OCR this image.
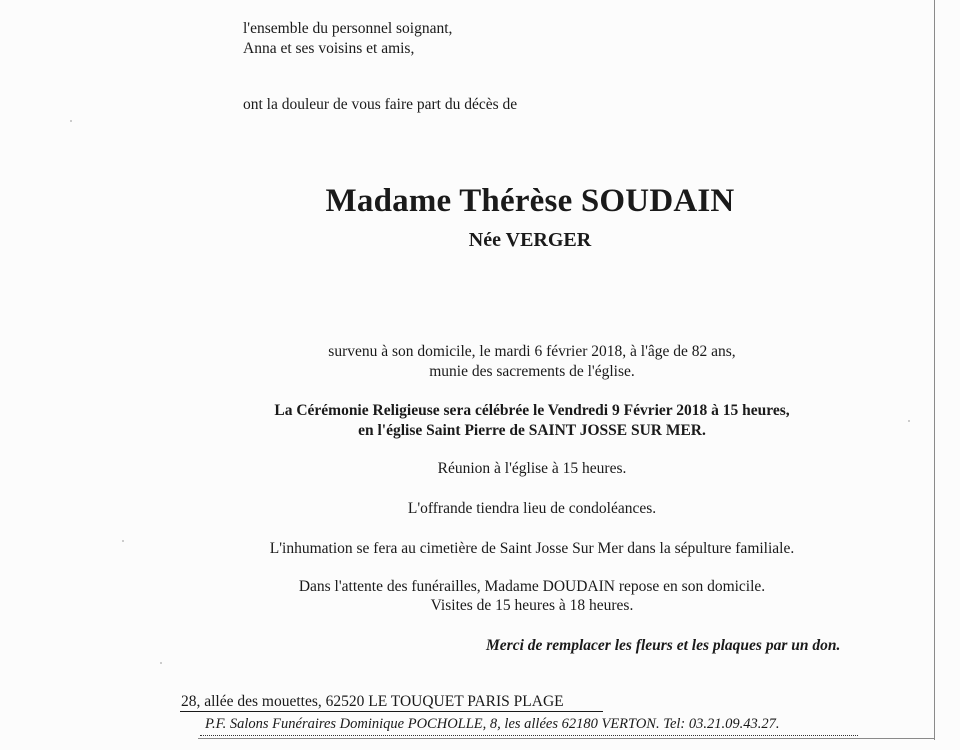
l'ensemble du personnel soignant,
Anna et ses voisins et amis,
ont la douleur de vous faire part du décès de
Madame Thérèse SOUDAIN
Née VERGER
survenu à son domicile, le mardi 6 février 2018, à l'âge de 82 ans,
munie des sacrements de l'église.
La Cérémonie Religieuse sera célébrée le Vendredi 9 Février 2018 à 15 heures,
en l'église Saint Pierre de SAINT JOSSE SUR MER.
Réunion à l'église à 15 heures.
L'offrande tiendra lieu de condoléances.
L'inhumation se fera au cimetière de Saint Josse Sur Mer dans la sépulture familiale.
Dans l'attente des funérailles, Madame DOUDAIN repose en son domicile.
Visites de 15 heures à 18 heures.
Merci de remplacer les fleurs et les plaques par un don.
28, allée des mouettes, 62520 LE TOUQUET PARIS PLAGE
P.F. Salons Funéraires Dominique POCHOLLE, 8, les allées 62180 VERTON. Tel: 03.21.09.43.27.
